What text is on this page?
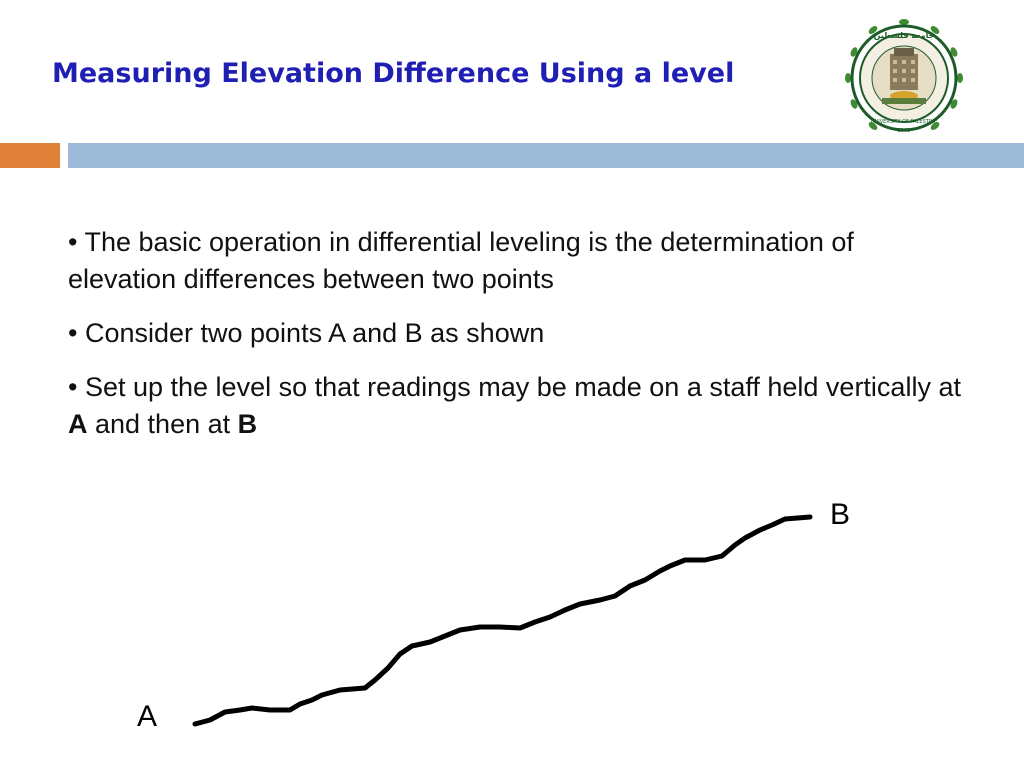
Measuring Elevation Difference Using a level
جامعة فلسطين
UNIVERSITY OF PALESTINE
2003
• The basic operation in differential leveling is the determination of elevation differences between two points
• Consider two points A and B as shown
• Set up the level so that readings may be made on a staff held vertically at A and then at B
A
B
